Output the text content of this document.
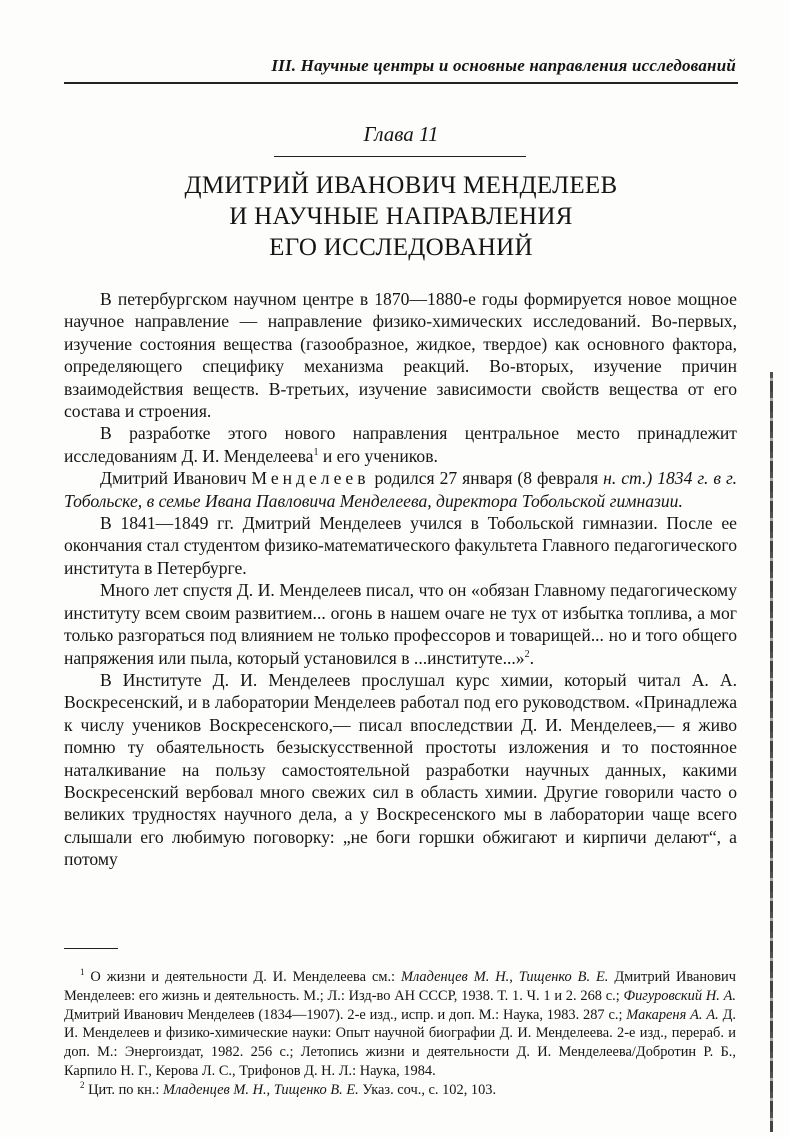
III. Научные центры и основные направления исследований
Глава 11
ДМИТРИЙ ИВАНОВИЧ МЕНДЕЛЕЕВ
И НАУЧНЫЕ НАПРАВЛЕНИЯ
ЕГО ИССЛЕДОВАНИЙ

В петербургском научном центре в 1870—1880-е годы формируется новое мощное научное направление — направление физико-химических исследований. Во-первых, изучение состояния вещества (газообразное, жидкое, твердое) как основного фактора, определяющего специфику механизма реакций. Во-вторых, изучение причин взаимодействия веществ. В-третьих, изучение зависимости свойств вещества от его состава и строения.

В разработке этого нового направления центральное место принадлежит исследованиям Д. И. Менделеева$^1$ и его учеников.

Дмитрий Иванович Менделеев родился 27 января (8 февраля н. ст.) 1834 г. в г. Тобольске, в семье Ивана Павловича Менделеева, директора Тобольской гимназии.

В 1841—1849 гг. Дмитрий Менделеев учился в Тобольской гимназии. После ее окончания стал студентом физико-математического факультета Главного педагогического института в Петербурге.

Много лет спустя Д. И. Менделеев писал, что он «обязан Главному педагогическому институту всем своим развитием... огонь в нашем очаге не тух от избытка топлива, а мог только разгораться под влиянием не только профессоров и товарищей... но и того общего напряжения или пыла, который установился в ...институте...»$^2$.

В Институте Д. И. Менделеев прослушал курс химии, который читал А. А. Воскресенский, и в лаборатории Менделеев работал под его руководством. «Принадлежа к числу учеников Воскресенского,— писал впоследствии Д. И. Менделеев,— я живо помню ту обаятельность безыскусственной простоты изложения и то постоянное наталкивание на пользу самостоятельной разработки научных данных, какими Воскресенский вербовал много свежих сил в область химии. Другие говорили часто о великих трудностях научного дела, а у Воскресенского мы в лаборатории чаще всего слышали его любимую поговорку: „не боги горшки обжигают и кирпичи делают“, а потому

$^1$ О жизни и деятельности Д. И. Менделеева см.: Младенцев М. Н., Тищенко В. Е. Дмитрий Иванович Менделеев: его жизнь и деятельность. М.; Л.: Изд-во АН СССР, 1938. Т. 1. Ч. 1 и 2. 268 с.; Фигуровский Н. А. Дмитрий Иванович Менделеев (1834—1907). 2-е изд., испр. и доп. М.: Наука, 1983. 287 с.; Макареня А. А. Д. И. Менделеев и физико-химические науки: Опыт научной биографии Д. И. Менделеева. 2-е изд., перераб. и доп. М.: Энергоиздат, 1982. 256 с.; Летопись жизни и деятельности Д. И. Менделеева/Добротин Р. Б., Карпило Н. Г., Керова Л. С., Трифонов Д. Н. Л.: Наука, 1984.

$^2$ Цит. по кн.: Младенцев М. Н., Тищенко В. Е. Указ. соч., с. 102, 103.
